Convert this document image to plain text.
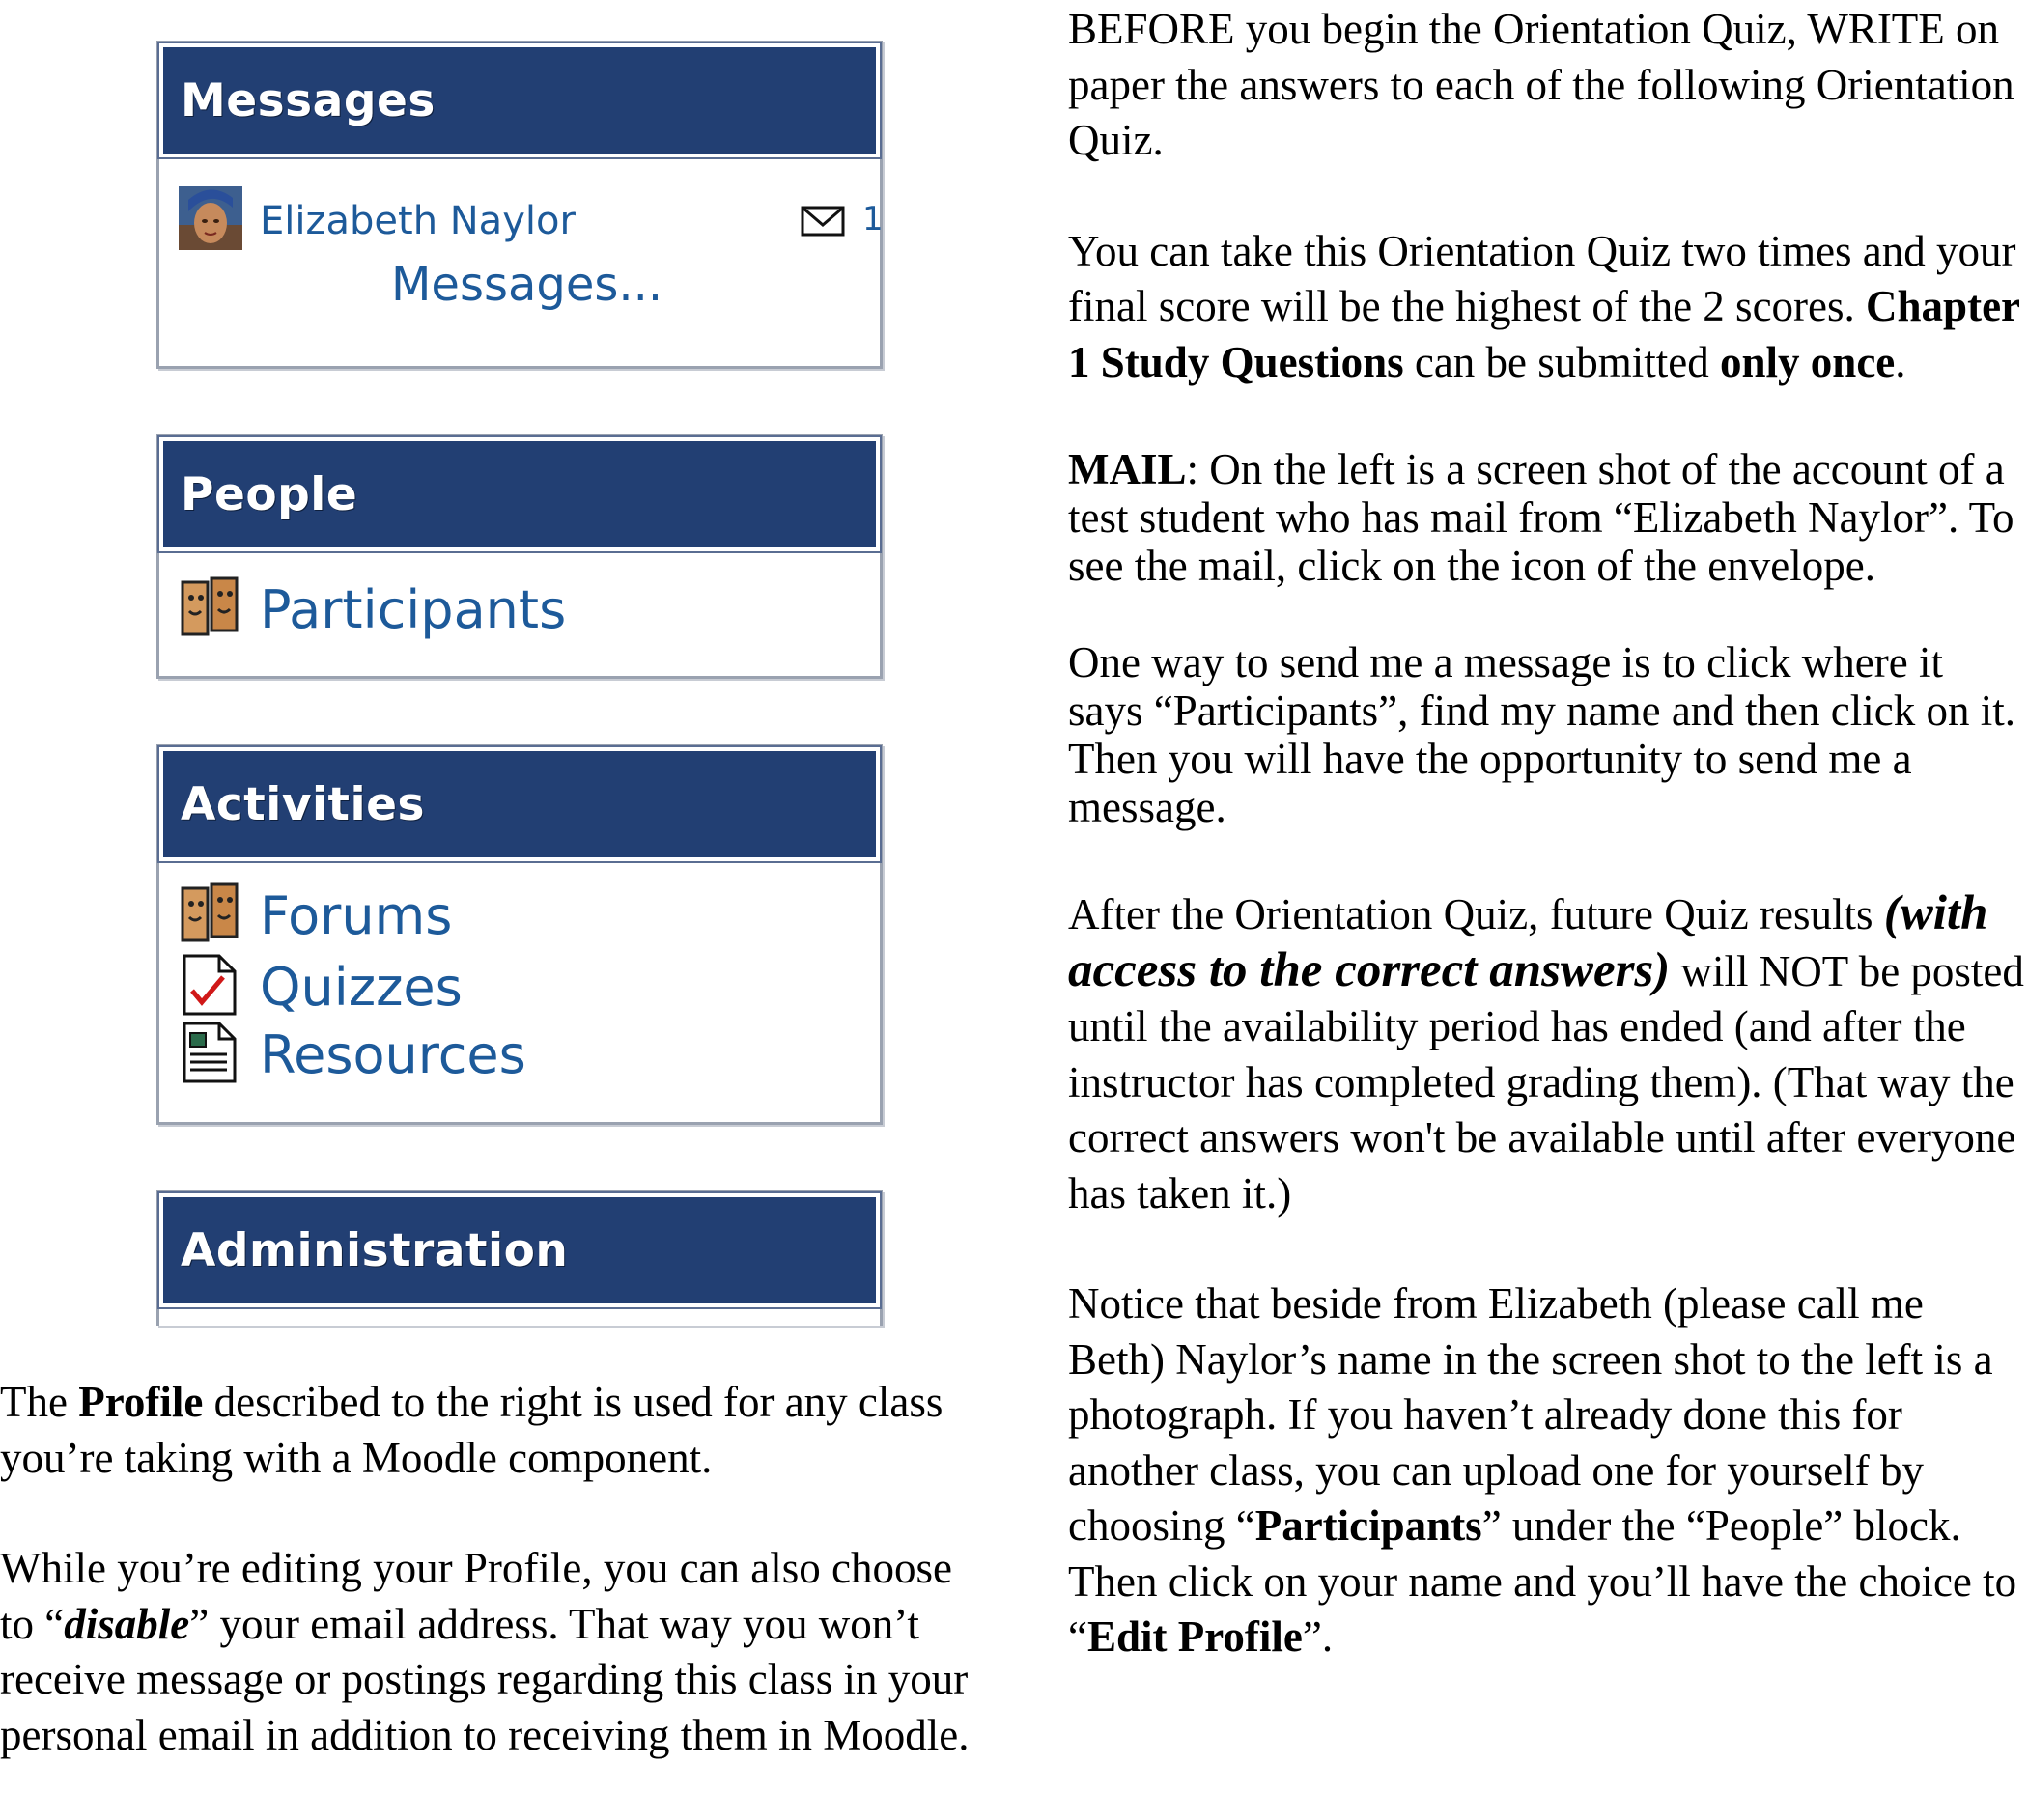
Messages
Elizabeth Naylor	1
Messages...
People
Participants
Activities
Forums
Quizzes
Resources
Administration

BEFORE you begin the Orientation Quiz, WRITE on paper the answers to each of the following Orientation Quiz.

You can take this Orientation Quiz two times and your final score will be the highest of the 2 scores. Chapter 1 Study Questions can be submitted only once.

MAIL: On the left is a screen shot of the account of a test student who has mail from “Elizabeth Naylor”. To see the mail, click on the icon of the envelope.

One way to send me a message is to click where it says “Participants”, find my name and then click on it. Then you will have the opportunity to send me a message.

After the Orientation Quiz, future Quiz results (with access to the correct answers) will NOT be posted until the availability period has ended (and after the instructor has completed grading them). (That way the correct answers won't be available until after everyone has taken it.)

Notice that beside from Elizabeth (please call me Beth) Naylor’s name in the screen shot to the left is a photograph. If you haven’t already done this for another class, you can upload one for yourself by choosing “Participants” under the “People” block. Then click on your name and you’ll have the choice to “Edit Profile”.

The Profile described to the right is used for any class you’re taking with a Moodle component.

While you’re editing your Profile, you can also choose to “disable” your email address. That way you won’t receive message or postings regarding this class in your personal email in addition to receiving them in Moodle.
